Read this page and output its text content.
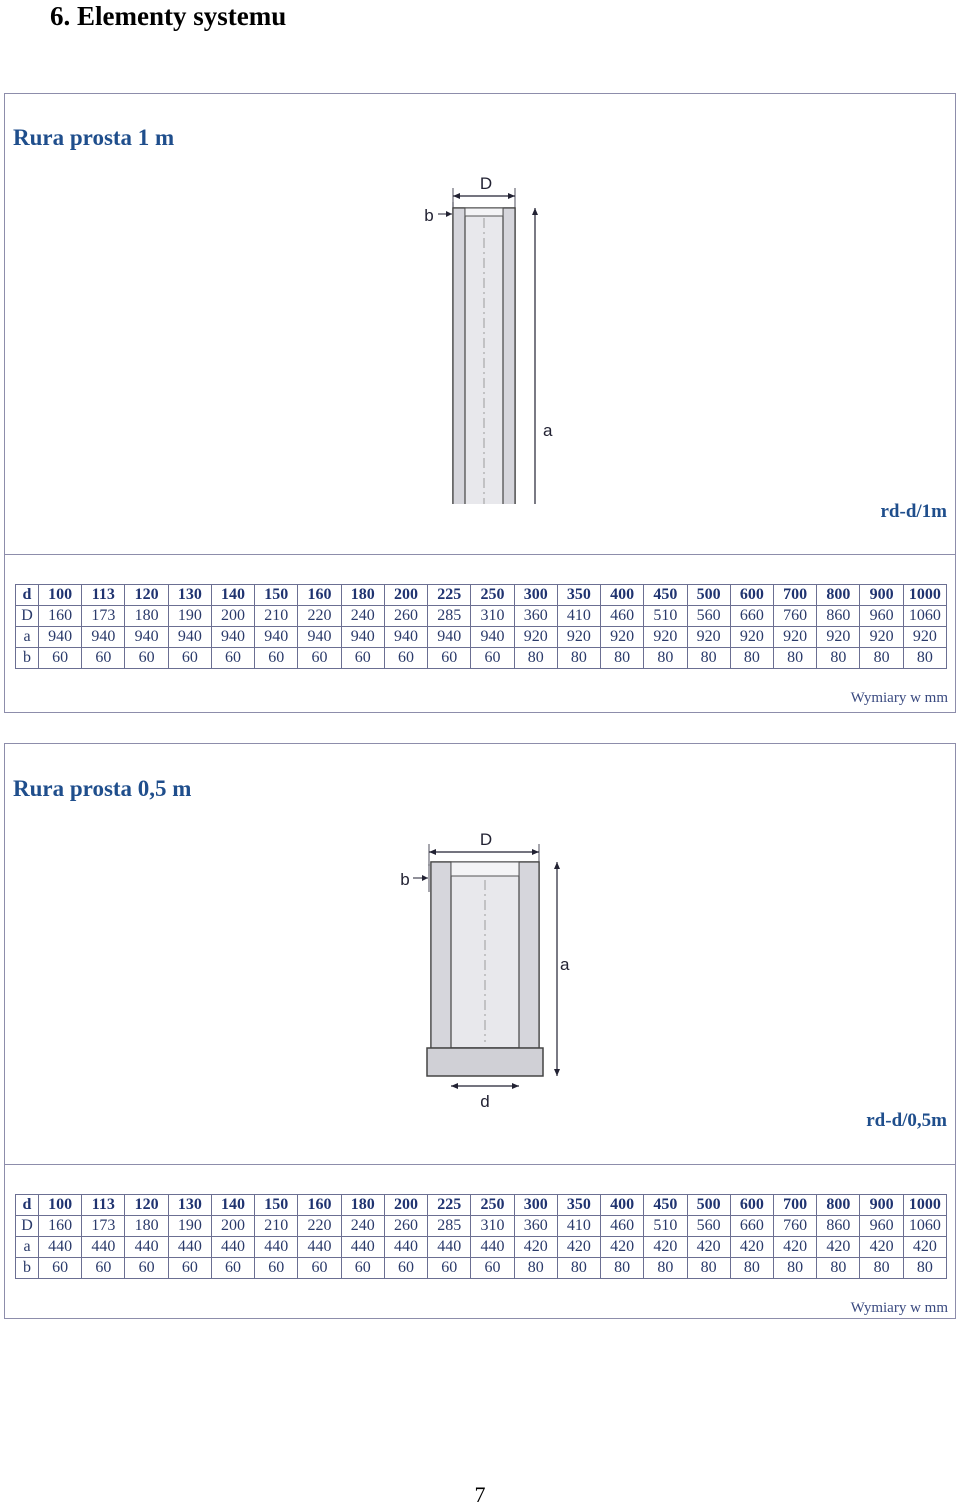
6. Elementy systemu
Rura prosta 1 m
D
b
a
rd-d/1m
d	100	113	120	130	140	150	160	180	200	225	250	300	350	400	450	500	600	700	800	900	1000
D	160	173	180	190	200	210	220	240	260	285	310	360	410	460	510	560	660	760	860	960	1060
a	940	940	940	940	940	940	940	940	940	940	940	920	920	920	920	920	920	920	920	920	920
b	60	60	60	60	60	60	60	60	60	60	60	80	80	80	80	80	80	80	80	80	80
Wymiary w mm
Rura prosta 0,5 m
D
b
a
d
rd-d/0,5m
d	100	113	120	130	140	150	160	180	200	225	250	300	350	400	450	500	600	700	800	900	1000
D	160	173	180	190	200	210	220	240	260	285	310	360	410	460	510	560	660	760	860	960	1060
a	440	440	440	440	440	440	440	440	440	440	440	420	420	420	420	420	420	420	420	420	420
b	60	60	60	60	60	60	60	60	60	60	60	80	80	80	80	80	80	80	80	80	80
Wymiary w mm
7
